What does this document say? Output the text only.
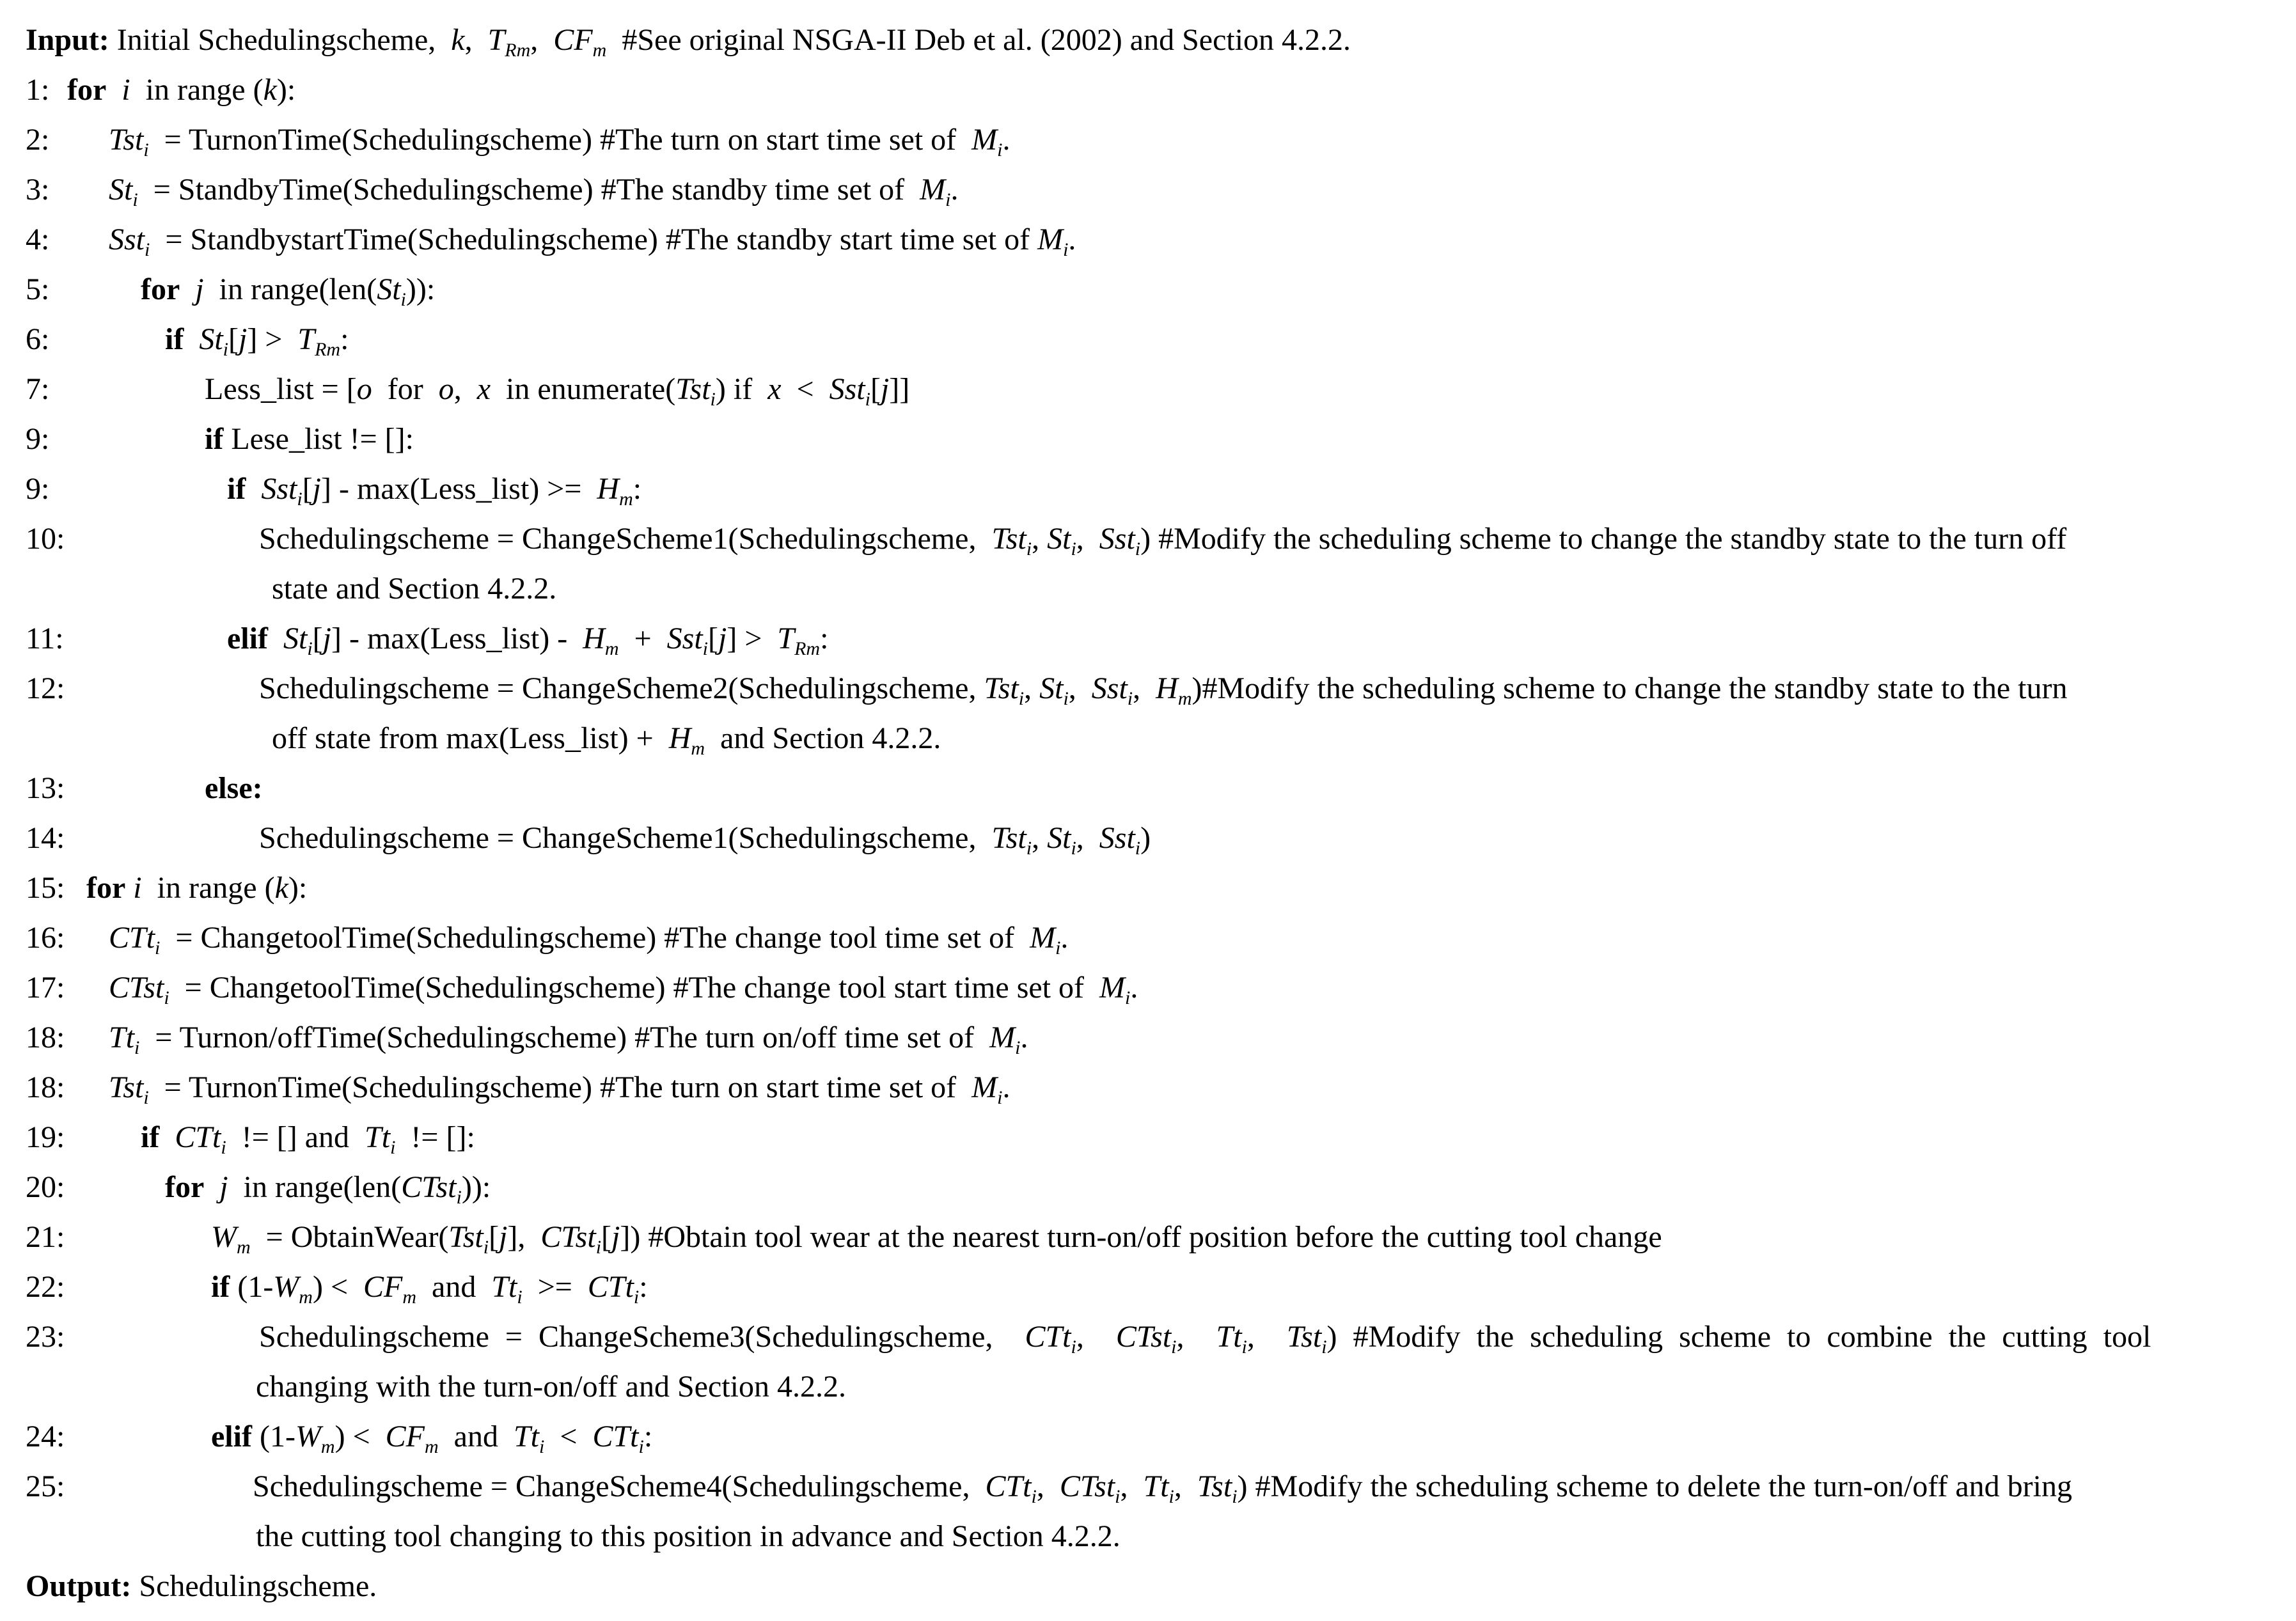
Input: Initial Schedulingscheme,  k,  $T_{Rm}$,  $CF_m$  #See original NSGA-II Deb et al. (2002) and Section 4.2.2.
1: for i  in range (k):
2: Tst$_i$  = TurnonTime(Schedulingscheme) #The turn on start time set of  $M_i$.
3: $St_i$  = StandbyTime(Schedulingscheme) #The standby time set of  $M_i$.
4: Sst$_i$  = StandbystartTime(Schedulingscheme) #The standby start time set of $M_i$.
5:	for j  in $range(len(St_i))$:
6:	if $St_i[j] > T_{Rm}$:
7:	Less_list = [o  for  o,  x  in enumerate(Tst$_i$) if  x  <  Sst$_i$[j]]
9:	if Lese_list != []:
9:	if Sst$_i$[j] - max(Less_list) >=  $H_m$:
10:	Schedulingscheme = ChangeScheme1(Schedulingscheme,  Tst$_i$, $St_i$,  Sst$_i$) #Modify the scheduling scheme to change the standby state to the turn off
state and Section 4.2.2.
11:	elif $St_i[j]$ - max(Less_list) -  $H_m + Sst_i[j] > T_{Rm}$:
12:	Schedulingscheme = ChangeScheme2(Schedulingscheme, Tst$_i$, $St_i$,  Sst$_i$,  $H_m)\#Modify$ the scheduling scheme to change the standby state to the turn
off state from max(Less_list) +  $H_m$  and Section 4.2.2.
13:	else:
14:	Schedulingscheme = ChangeScheme1(Schedulingscheme,  Tst$_i$, $St_i$,  Sst$_i$)
15: for i  in range (k):
16: CTt$_i$  = ChangetoolTime(Schedulingscheme) #The change tool time set of  $M_i$.
17: CTst$_i$  = ChangetoolTime(Schedulingscheme) #The change tool start time set of  $M_i$.
18: $Tt_i$  = Turnon/offTime(Schedulingscheme) #The turn on/off time set of  $M_i$.
18: Tst$_i$  = TurnonTime(Schedulingscheme) #The turn on start time set of  $M_i$.
19: if CTt$_i$  != [] and  $Tt_i$  != []:
20:	for j  in range(len(CTst$_i$)):
21:	$W_m$  = ObtainWear(Tst$_i$[j],  CTst$_i$[j]) #Obtain tool wear at the nearest turn-on/off position before the cutting tool change
22:	if $(1-W_m) < CF_m$  and  $Tt_i >= CTt_i$:
23:	Schedulingscheme = ChangeScheme3(Schedulingscheme,  CTt$_i$,  CTst$_i$,  $Tt_i$,  Tst$_i$) #Modify the scheduling scheme to combine the cutting tool
changing with the turn-on/off and Section 4.2.2.
24:	elif $(1-W_m) < CF_m$  and  $Tt_i < CTt_i$:
25:	Schedulingscheme = ChangeScheme4(Schedulingscheme,  CTt$_i$,  CTst$_i$,  $Tt_i$,  Tst$_i$) #Modify the scheduling scheme to delete the turn-on/off and bring
the cutting tool changing to this position in advance and Section 4.2.2.
Output: Schedulingscheme.
